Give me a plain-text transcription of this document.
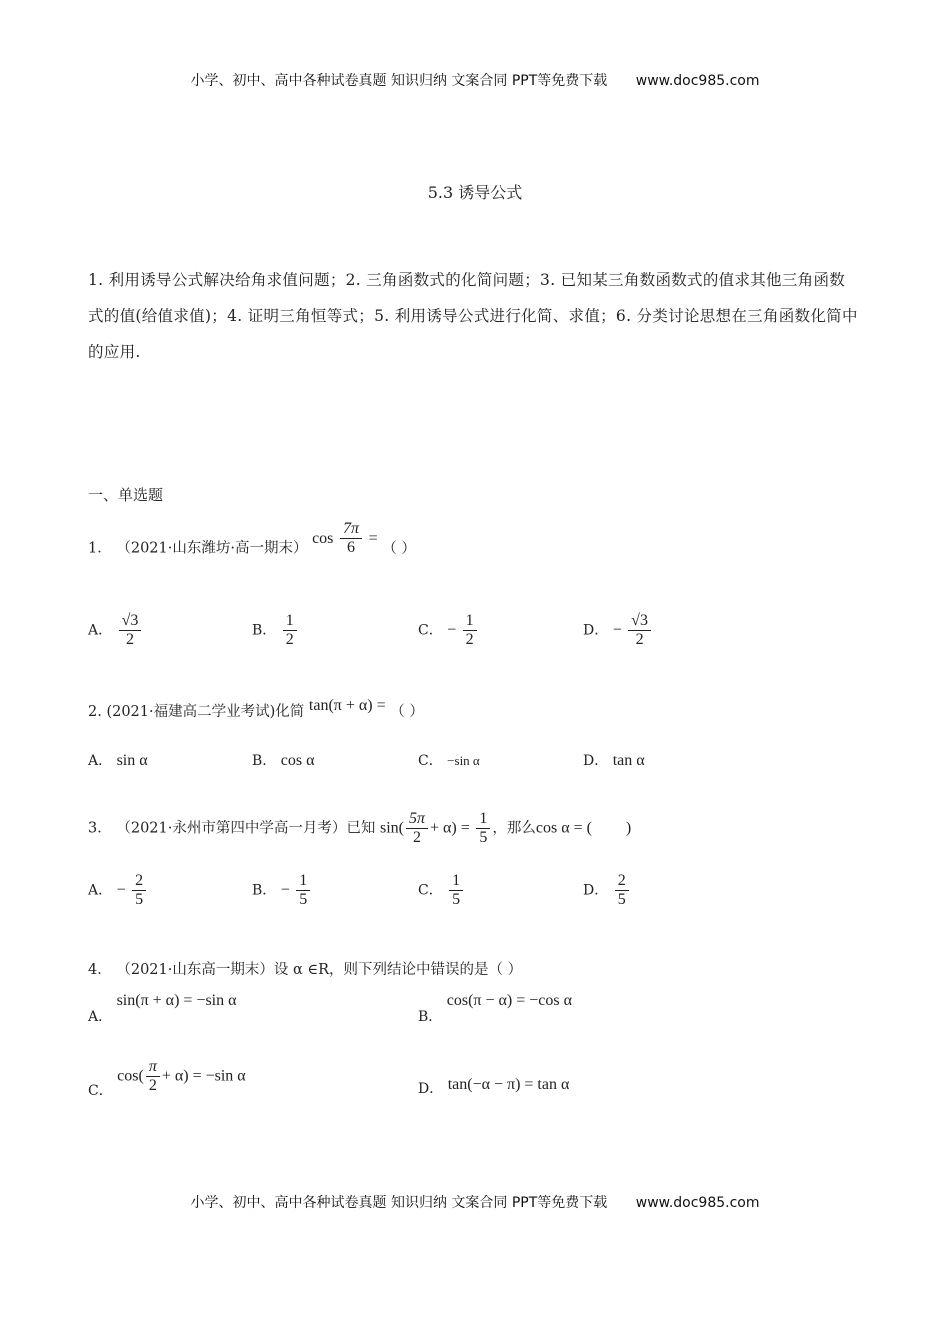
小学、初中、高中各种试卷真题 知识归纳 文案合同 PPT等免费下载 www.doc985.com
5.3 诱导公式
1. 利用诱导公式解决给角求值问题；2. 三角函数式的化简问题；3. 已知某三角数函数式的值求其他三角函数式的值(给值求值)；4. 证明三角恒等式；5. 利用诱导公式进行化简、求值；6. 分类讨论思想在三角函数化简中的应用.
一、单选题
1． （2021·山东潍坊·高一期末） $\cos \frac{7\pi}{6}$ = （ ）
A． $\frac{√3}{2}$	B． $\frac{1}{2}$	C． − $\frac{1}{2}$	D． − $\frac{√3}{2}$
2. (2021·福建高二学业考试)化简 tan(π + α) = （ ）
A． sin α	B． cos α	C． −sin α	D． tan α
3． （2021·永州市第四中学高一月考）已知 $\sin( \frac{5\pi}{2} + \alpha) = \frac{1}{5}$ ，那么cos α = ( )
A． − $\frac{2}{5}$	B． − $\frac{1}{5}$	C． $\frac{1}{5}$	D． $\frac{2}{5}$
4． （2021·山东高一期末）设 α ∈R，则下列结论中错误的是（ ）
A． sin(π + α) = −sin α
B． cos(π − α) = −cos α
C． $\cos( \frac{\pi}{2} + \alpha) = -\sin$ α
D． tan(−α − π) = tan α
小学、初中、高中各种试卷真题 知识归纳 文案合同 PPT等免费下载 www.doc985.com
